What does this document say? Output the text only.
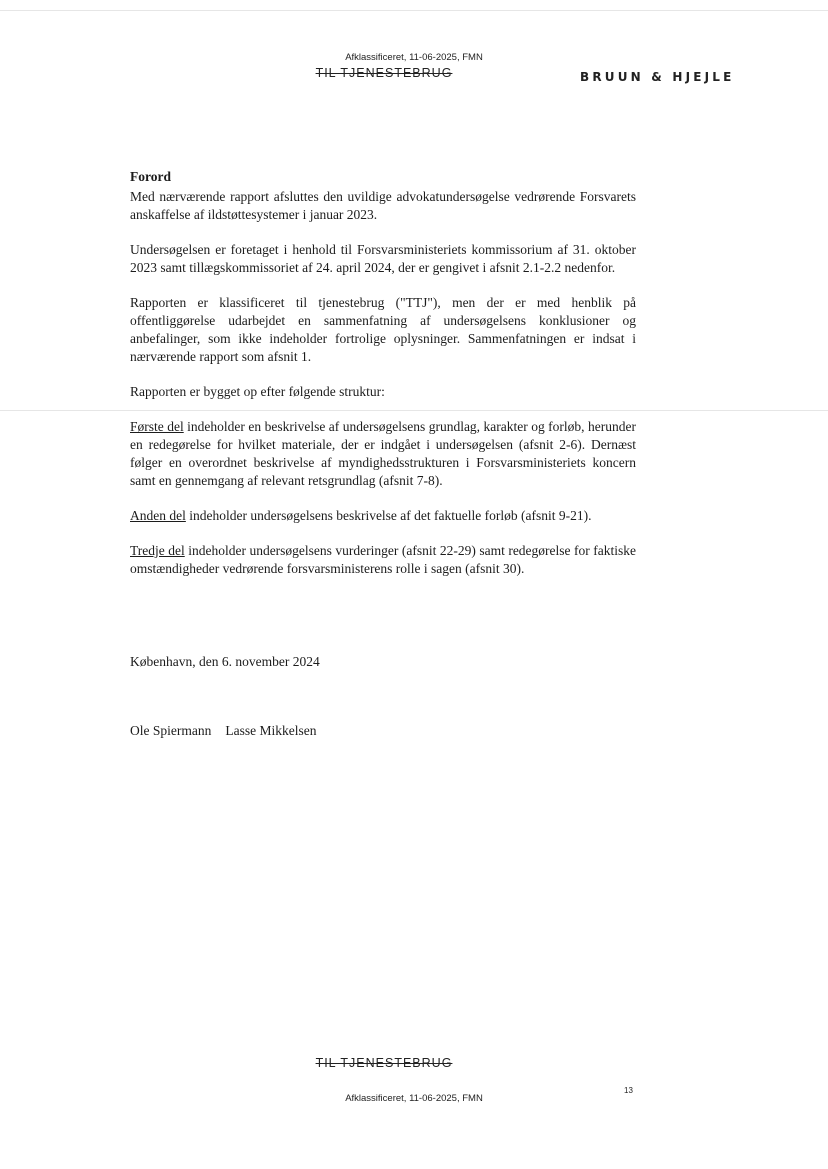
Afklassificeret, 11-06-2025, FMN
TIL TJENESTEBRUG	BRUUN & HJEJLE

Forord

Med nærværende rapport afsluttes den uvildige advokatundersøgelse vedrørende Forsvarets anskaffelse af ildstøttesystemer i januar 2023.

Undersøgelsen er foretaget i henhold til Forsvarsministeriets kommissorium af 31. oktober 2023 samt tillægskommissoriet af 24. april 2024, der er gengivet i afsnit 2.1-2.2 nedenfor.

Rapporten er klassificeret til tjenestebrug ("TTJ"), men der er med henblik på offentliggørelse udarbejdet en sammenfatning af undersøgelsens konklusioner og anbefalinger, som ikke indeholder fortrolige oplysninger. Sammenfatningen er indsat i nærværende rapport som afsnit 1.

Rapporten er bygget op efter følgende struktur:

Første del indeholder en beskrivelse af undersøgelsens grundlag, karakter og forløb, herunder en redegørelse for hvilket materiale, der er indgået i undersøgelsen (afsnit 2-6). Dernæst følger en overordnet beskrivelse af myndighedsstrukturen i Forsvarsministeriets koncern samt en gennemgang af relevant retsgrundlag (afsnit 7-8).

Anden del indeholder undersøgelsens beskrivelse af det faktuelle forløb (afsnit 9-21).

Tredje del indeholder undersøgelsens vurderinger (afsnit 22-29) samt redegørelse for faktiske omstændigheder vedrørende forsvarsministerens rolle i sagen (afsnit 30).

København, den 6. november 2024
Ole Spiermann Lasse Mikkelsen
TIL TJENESTEBRUG
13
Afklassificeret, 11-06-2025, FMN
